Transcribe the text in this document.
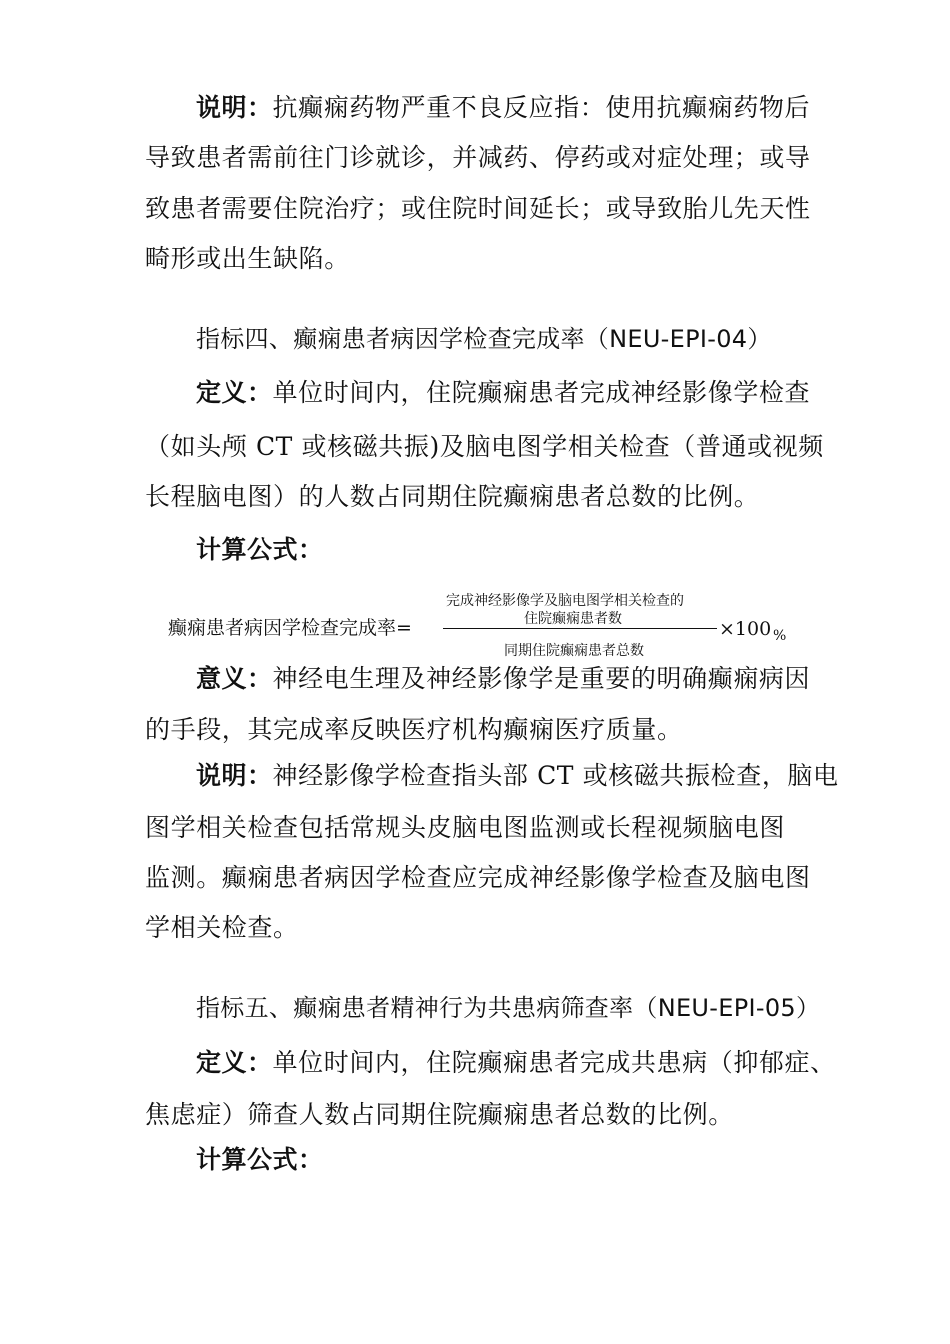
说明：抗癫痫药物严重不良反应指：使用抗癫痫药物后
导致患者需前往门诊就诊，并减药、停药或对症处理；或导
致患者需要住院治疗；或住院时间延长；或导致胎儿先天性
畸形或出生缺陷。
指标四、癫痫患者病因学检查完成率（NEU-EPI-04）
定义：单位时间内，住院癫痫患者完成神经影像学检查
（如头颅 CT 或核磁共振)及脑电图学相关检查（普通或视频
长程脑电图）的人数占同期住院癫痫患者总数的比例。
计算公式：
癫痫患者病因学检查完成率=
完成神经影像学及脑电图学相关检查的
住院癫痫患者数
同期住院癫痫患者总数
×100 %
意义：神经电生理及神经影像学是重要的明确癫痫病因
的手段，其完成率反映医疗机构癫痫医疗质量。
说明：神经影像学检查指头部 CT 或核磁共振检查，脑电
图学相关检查包括常规头皮脑电图监测或长程视频脑电图
监测。癫痫患者病因学检查应完成神经影像学检查及脑电图
学相关检查。
指标五、癫痫患者精神行为共患病筛查率（NEU-EPI-05）
定义：单位时间内，住院癫痫患者完成共患病（抑郁症、
焦虑症）筛查人数占同期住院癫痫患者总数的比例。
计算公式：
